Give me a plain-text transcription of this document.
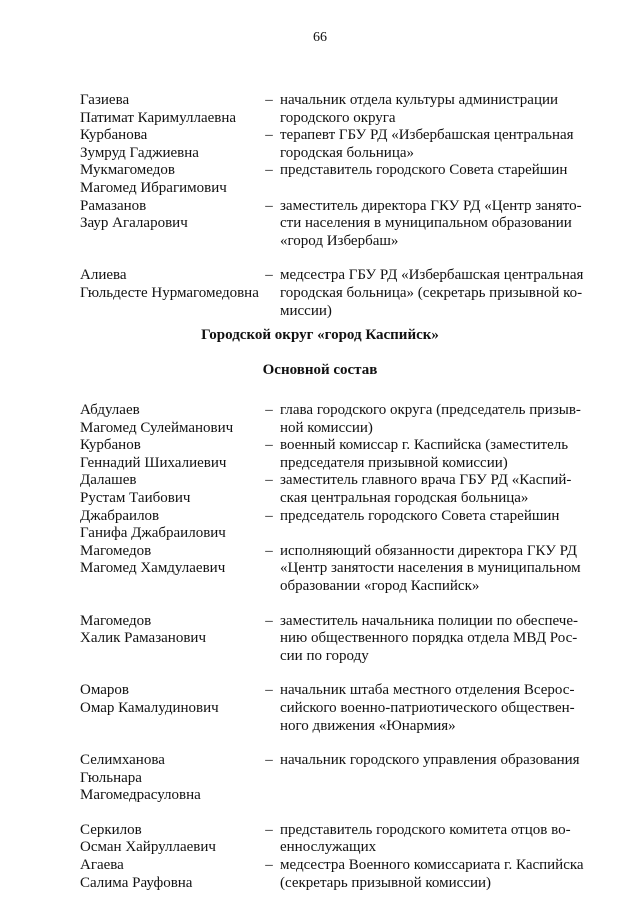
66
Газиева
Патимат Каримуллаевна
– начальник отдела культуры администрации
городского округа
Курбанова
Зумруд Гаджиевна
– терапевт ГБУ РД «Избербашская центральная
городская больница»
Мукмагомедов
Магомед Ибрагимович
– представитель городского Совета старейшин
Рамазанов
Заур Агаларович
– заместитель директора ГКУ РД «Центр занято-
сти населения в муниципальном образовании
«город Избербаш»
Алиева
Гюльдесте Нурмагомедовна
– медсестра ГБУ РД «Избербашская центральная
городская больница» (секретарь призывной ко-
миссии)
Городской округ «город Каспийск»
Основной состав
Абдулаев
Магомед Сулейманович
– глава городского округа (председатель призыв-
ной комиссии)
Курбанов
Геннадий Шихалиевич
– военный комиссар г. Каспийска (заместитель
председателя призывной комиссии)
Далашев
Рустам Таибович
– заместитель главного врача ГБУ РД «Каспий-
ская центральная городская больница»
Джабраилов
Ганифа Джабраилович
– председатель городского Совета старейшин
Магомедов
Магомед Хамдулаевич
– исполняющий обязанности директора ГКУ РД
«Центр занятости населения в муниципальном
образовании «город Каспийск»
Магомедов
Халик Рамазанович
– заместитель начальника полиции по обеспече-
нию общественного порядка отдела МВД Рос-
сии по городу
Омаров
Омар Камалудинович
– начальник штаба местного отделения Всерос-
сийского военно-патриотического обществен-
ного движения «Юнармия»
Селимханова
Гюльнара
Магомедрасуловна
– начальник городского управления образования
Серкилов
Осман Хайруллаевич
– представитель городского комитета отцов во-
еннослужащих
Агаева
Салима Рауфовна
– медсестра Военного комиссариата г. Каспийска
(секретарь призывной комиссии)
